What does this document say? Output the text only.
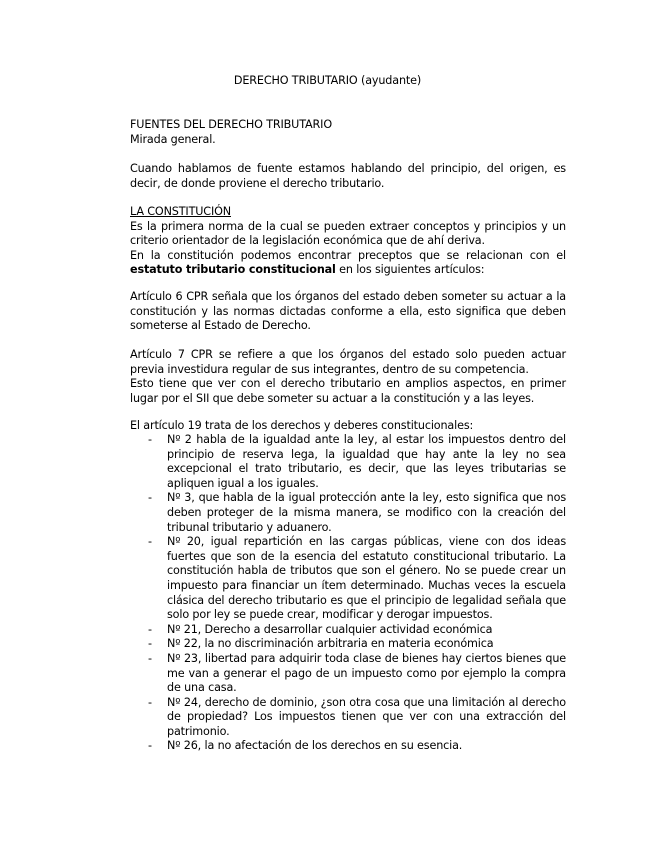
DERECHO TRIBUTARIO (ayudante)

FUENTES DEL DERECHO TRIBUTARIO

Mirada general.

Cuando hablamos de fuente estamos hablando del principio, del origen, es decir, de donde proviene el derecho tributario.

LA CONSTITUCIÓN

Es la primera norma de la cual se pueden extraer conceptos y principios y un criterio orientador de la legislación económica que de ahí deriva.

En la constitución podemos encontrar preceptos que se relacionan con el estatuto tributario constitucional en los siguientes artículos:

Artículo 6 CPR señala que los órganos del estado deben someter su actuar a la constitución y las normas dictadas conforme a ella, esto significa que deben someterse al Estado de Derecho.

Artículo 7 CPR se refiere a que los órganos del estado solo pueden actuar previa investidura regular de sus integrantes, dentro de su competencia.

Esto tiene que ver con el derecho tributario en amplios aspectos, en primer lugar por el SII que debe someter su actuar a la constitución y a las leyes.

El artículo 19 trata de los derechos y deberes constitucionales:

- Nº 2 habla de la igualdad ante la ley, al estar los impuestos dentro del principio de reserva lega, la igualdad que hay ante la ley no sea excepcional el trato tributario, es decir, que las leyes tributarias se apliquen igual a los iguales.
- Nº 3, que habla de la igual protección ante la ley, esto significa que nos deben proteger de la misma manera, se modifico con la creación del tribunal tributario y aduanero.
- Nº 20, igual repartición en las cargas públicas, viene con dos ideas fuertes que son de la esencia del estatuto constitucional tributario. La constitución habla de tributos que son el género. No se puede crear un impuesto para financiar un ítem determinado. Muchas veces la escuela clásica del derecho tributario es que el principio de legalidad señala que solo por ley se puede crear, modificar y derogar impuestos.
- Nº 21, Derecho a desarrollar cualquier actividad económica
- Nº 22, la no discriminación arbitraria en materia económica
- Nº 23, libertad para adquirir toda clase de bienes hay ciertos bienes que me van a generar el pago de un impuesto como por ejemplo la compra de una casa.
- Nº 24, derecho de dominio, ¿son otra cosa que una limitación al derecho de propiedad? Los impuestos tienen que ver con una extracción del patrimonio.
- Nº 26, la no afectación de los derechos en su esencia.
